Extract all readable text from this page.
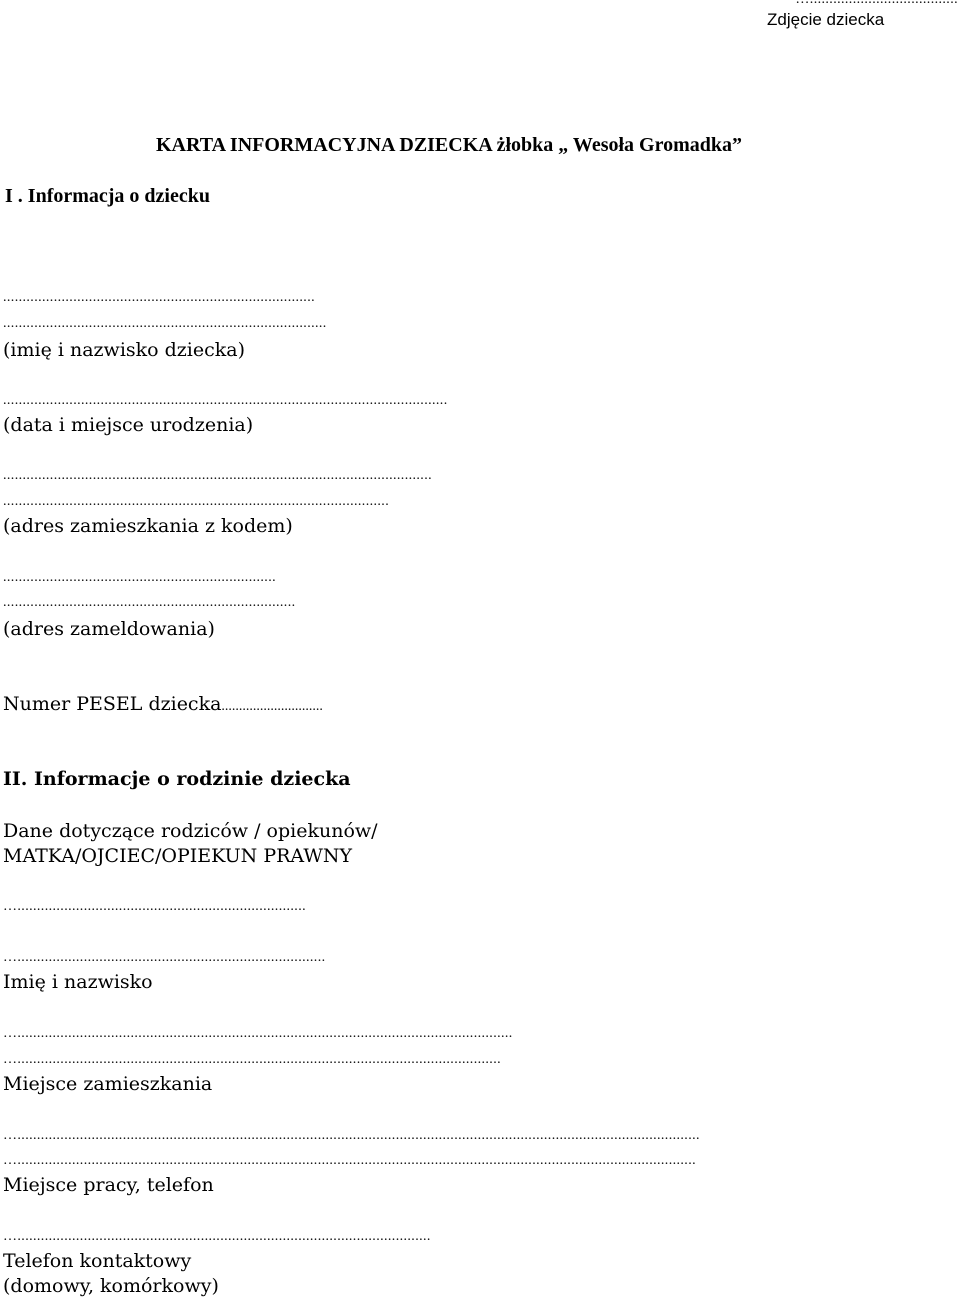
Zdjęcie dziecka
KARTA INFORMACYJNA DZIECKA żłobka „ Wesoła Gromadka”
I . Informacja o dziecku
................................................................................
...................................................................................
(imię i nazwisko dziecka)
..................................................................................................................
(data i miejsce urodzenia)
..............................................................................................................
...................................................................................................
(adres zamieszkania z kodem)
......................................................................
...........................................................................
(adres zameldowania)
Numer PESEL dziecka.............................
II. Informacje o rodzinie dziecka
Dane dotyczące rodziców / opiekunów/
MATKA/OJCIEC/OPIEKUN PRAWNY
…..........................................................................
…...............................................................................
Imię i nazwisko
…...............................................................................................................................
…............................................................................................................................
Miejsce zamieszkania
…...............................................................................................................................................................................
…..............................................................................................................................................................................
Miejsce pracy, telefon
…..........................................................................................................
Telefon kontaktowy
(domowy, komórkowy)
